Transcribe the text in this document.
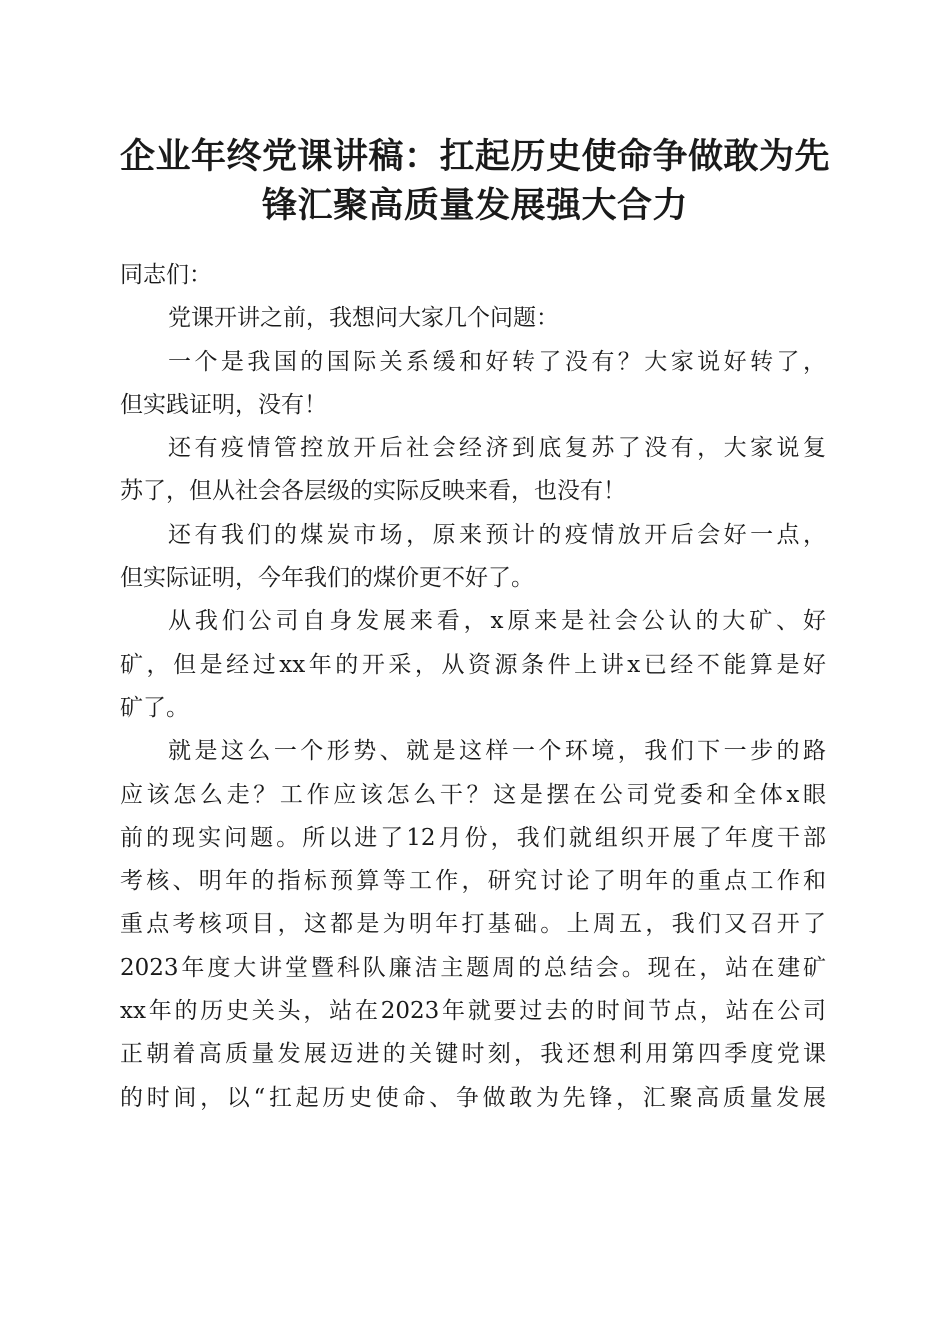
企业年终党课讲稿：扛起历史使命争做敢为先
锋汇聚高质量发展强大合力

同志们：

党课开讲之前，我想问大家几个问题：

一个是我国的国际关系缓和好转了没有？大家说好转了，
但实践证明，没有！

还有疫情管控放开后社会经济到底复苏了没有，大家说复
苏了，但从社会各层级的实际反映来看，也没有！

还有我们的煤炭市场，原来预计的疫情放开后会好一点，
但实际证明，今年我们的煤价更不好了。

从我们公司自身发展来看，x原来是社会公认的大矿、好
矿，但是经过xx年的开采，从资源条件上讲x已经不能算是好
矿了。

就是这么一个形势、就是这样一个环境，我们下一步的路
应该怎么走？工作应该怎么干？这是摆在公司党委和全体x眼
前的现实问题。所以进了12月份，我们就组织开展了年度干部
考核、明年的指标预算等工作，研究讨论了明年的重点工作和
重点考核项目，这都是为明年打基础。上周五，我们又召开了
2023年度大讲堂暨科队廉洁主题周的总结会。现在，站在建矿
xx年的历史关头，站在2023年就要过去的时间节点，站在公司
正朝着高质量发展迈进的关键时刻，我还想利用第四季度党课
的时间，以“扛起历史使命、争做敢为先锋，汇聚高质量发展
